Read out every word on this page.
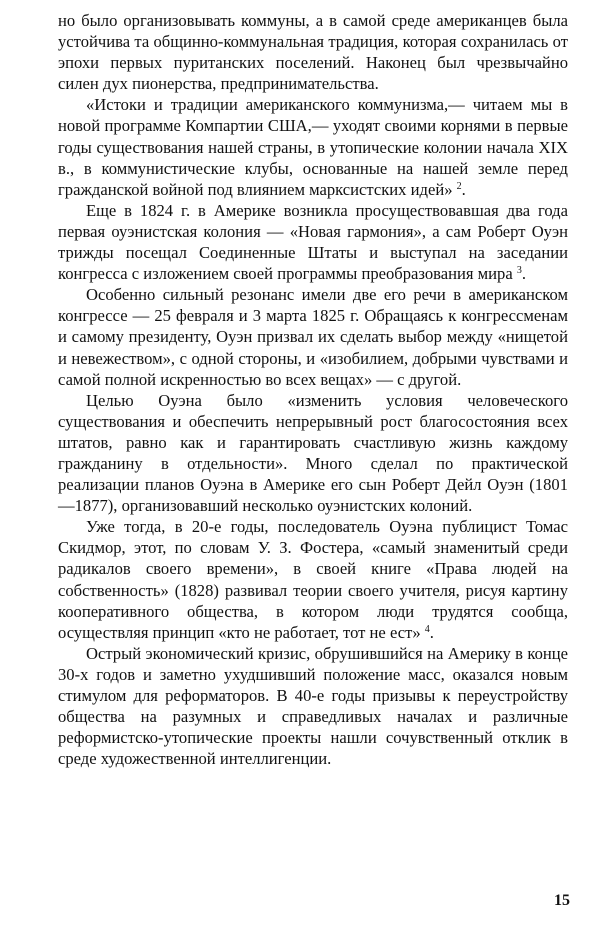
но было организовывать коммуны, а в самой среде американцев была устойчива та общинно-коммунальная традиция, которая сохранилась от эпохи первых пуританских поселений. Наконец был чрезвычайно силен дух пионерства, предпринимательства.

«Истоки и традиции американского коммунизма,— читаем мы в новой программе Компартии США,— уходят своими корнями в первые годы существования нашей страны, в утопические колонии начала XIX в., в коммунистические клубы, основанные на нашей земле перед гражданской войной под влиянием марксистских идей» $^2$.

Еще в 1824 г. в Америке возникла просуществовавшая два года первая оуэнистская колония — «Новая гармония», а сам Роберт Оуэн трижды посещал Соединенные Штаты и выступал на заседании конгресса с изложением своей программы преобразования мира $^3$.

Особенно сильный резонанс имели две его речи в американском конгрессе — 25 февраля и 3 марта 1825 г. Обращаясь к конгрессменам и самому президенту, Оуэн призвал их сделать выбор между «нищетой и невежеством», с одной стороны, и «изобилием, добрыми чувствами и самой полной искренностью во всех вещах» — с другой.

Целью Оуэна было «изменить условия человеческого существования и обеспечить непрерывный рост благосостояния всех штатов, равно как и гарантировать счастливую жизнь каждому гражданину в отдельности». Много сделал по практической реализации планов Оуэна в Америке его сын Роберт Дейл Оуэн (1801—1877), организовавший несколько оуэнистских колоний.

Уже тогда, в 20-е годы, последователь Оуэна публицист Томас Скидмор, этот, по словам У. З. Фостера, «самый знаменитый среди радикалов своего времени», в своей книге «Права людей на собственность» (1828) развивал теории своего учителя, рисуя картину кооперативного общества, в котором люди трудятся сообща, осуществляя принцип «кто не работает, тот не ест» $^4$.

Острый экономический кризис, обрушившийся на Америку в конце 30-х годов и заметно ухудшивший положение масс, оказался новым стимулом для реформаторов. В 40-е годы призывы к переустройству общества на разумных и справедливых началах и различные реформистско-утопические проекты нашли сочувственный отклик в среде художественной интеллигенции.

15
